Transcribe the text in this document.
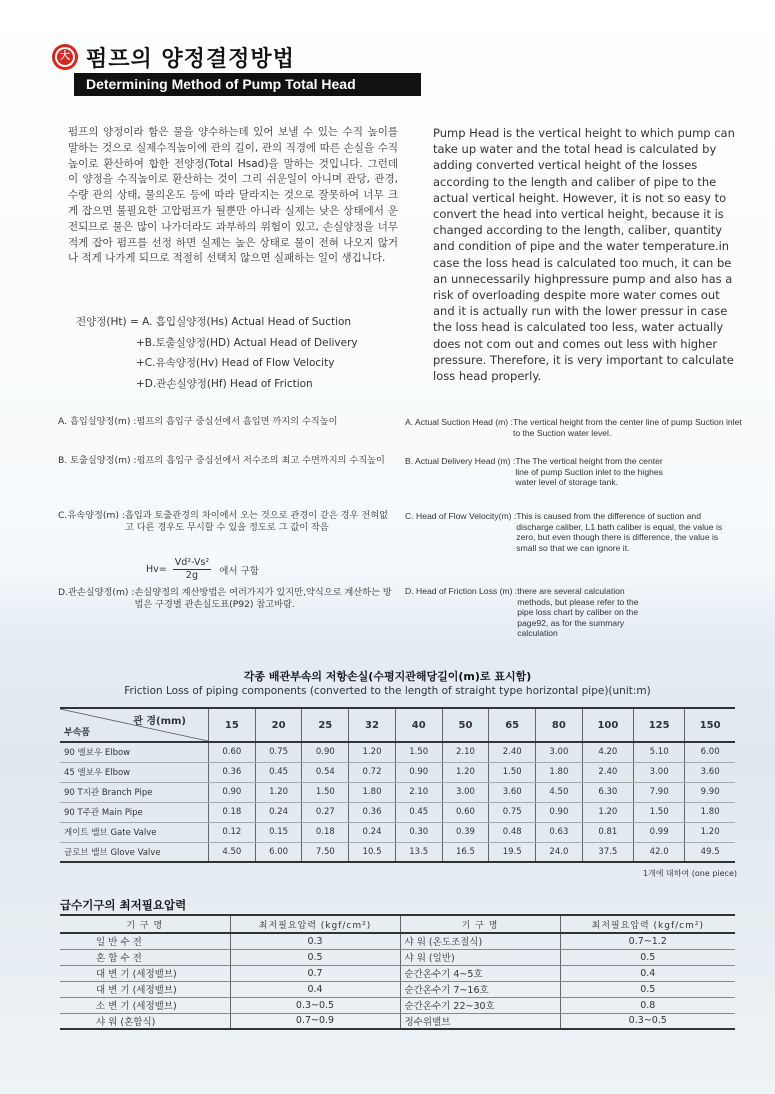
大 펌프의 양정결정방법
Determining Method of Pump Total Head
펌프의 양정이라 함은 물을 양수하는데 있어 보낼 수 있는 수직 높이를 말하는 것으로 실제수직높이에 관의 길이, 관의 직경에 따른 손실을 수직 높이로 환산하여 합한 전양정(Total Hsad)을 말하는 것입니다. 그런데 이 양정을 수직높이로 환산하는 것이 그리 쉬운일이 아니며 관당, 관경, 수량 관의 상태, 물의온도 등에 따라 달라지는 것으로 잘못하여 너무 크게 잡으면 불필요한 고압펌프가 될뿐만 아니라 실제는 낮은 상태에서 운전되므로 물은 많이 나가더라도 과부하의 위험이 있고, 손실양정을 너무 적게 잡아 펌프를 선정 하면 실제는 높은 상태로 물이 전혀 나오지 않거나 적게 나가게 되므로 적절히 선택치 않으면 실패하는 일이 생깁니다.
Pump Head is the vertical height to which pump can take up water and the total head is calculated by adding converted vertical height of the losses according to the length and caliber of pipe to the actual vertical height. However, it is not so easy to convert the head into vertical height, because it is changed according to the length, caliber, quantity and condition of pipe and the water temperature.in case the loss head is calculated too much, it can be an unnecessarily highpressure pump and also has a risk of overloading despite more water comes out and it is actually run with the lower pressur in case the loss head is calculated too less, water actually does not com out and comes out less with higher pressure. Therefore, it is very important to calculate loss head properly.
전양정(Ht) = A. 흡입실양정(Hs) Actual Head of Suction
+B.토출실양정(HD) Actual Head of Delivery
+C.유속양정(Hv) Head of Flow Velocity
+D.관손실양정(Hf) Head of Friction
A. 흡입실양정(m) : 펌프의 흡입구 중심선에서 흡입면 까지의 수직높이
B. 토출실양정(m) : 펌프의 흡입구 중심선에서 저수조의 최고 수면까지의 수직높이
C.유속양정(m) : 흡입과 토출관경의 차이에서 오는 것으로 관경이 같은 경우 전혀없고 다른 경우도 무시할 수 있을 정도로 그 값이 작음
$Hv= \frac{\text{Vd²-Vs²}}{2g}$ 에서 구함
D.관손실양정(m) : 손실양정의 계산방법은 여러가지가 있지만,약식으로 계산하는 방법은 구경별 관손실도표(P92) 참고바람.
A. Actual Suction Head (m) : The vertical height from the center line of pump Suction inlet to the Suction water level.
B. Actual Delivery Head (m) : The The vertical height from the center line of pump Suction inlet to the highes water level of storage tank.
C. Head of Flow Velocity(m) : This is caused from the difference of suction and discharge caliber, L1 bath caliber is equal, the value is zero, but even though there is difference, the value is small so that we can ignore it.
D. Head of Friction Loss (m) : there are several calculation methods, but please refer to the pipe loss chart by caliber on the page92, as for the summary calculation
각종 배관부속의 저항손실(수평지관해당길이(m)로 표시함)
Friction Loss of piping components (converted to the length of straight type horizontal pipe)(unit:m)
관 경(mm)
부속품	15	20	25	32	40	50	65	80	100	125	150
90 엘보우 Elbow	0.60	0.75	0.90	1.20	1.50	2.10	2.40	3.00	4.20	5.10	6.00
45 엘보우 Elbow	0.36	0.45	0.54	0.72	0.90	1.20	1.50	1.80	2.40	3.00	3.60
90 T지관 Branch Pipe	0.90	1.20	1.50	1.80	2.10	3.00	3.60	4.50	6.30	7.90	9.90
90 T주관 Main Pipe	0.18	0.24	0.27	0.36	0.45	0.60	0.75	0.90	1.20	1.50	1.80
게이트 밸브 Gate Valve	0.12	0.15	0.18	0.24	0.30	0.39	0.48	0.63	0.81	0.99	1.20
글로브 밸브 Glove Valve	4.50	6.00	7.50	10.5	13.5	16.5	19.5	24.0	37.5	42.0	49.5
1개에 대하여 (one piece)
급수기구의 최저필요압력
기 구 명	최저필요압력 (kgf/cm²)	기 구 명	최저필요압력 (kgf/cm²)
일 반 수 전	0.3	샤 워 (온도조절식)	0.7~1.2
혼 합 수 전	0.5	샤 워 (일반)	0.5
대 변 기 (세정밸브)	0.7	순간온수기 4~5호	0.4
대 변 기 (세정밸브)	0.4	순간온수기 7~16호	0.5
소 변 기 (세정밸브)	0.3~0.5	순간온수기 22~30호	0.8
샤 워 (혼합식)	0.7~0.9	정수위밸브	0.3~0.5
